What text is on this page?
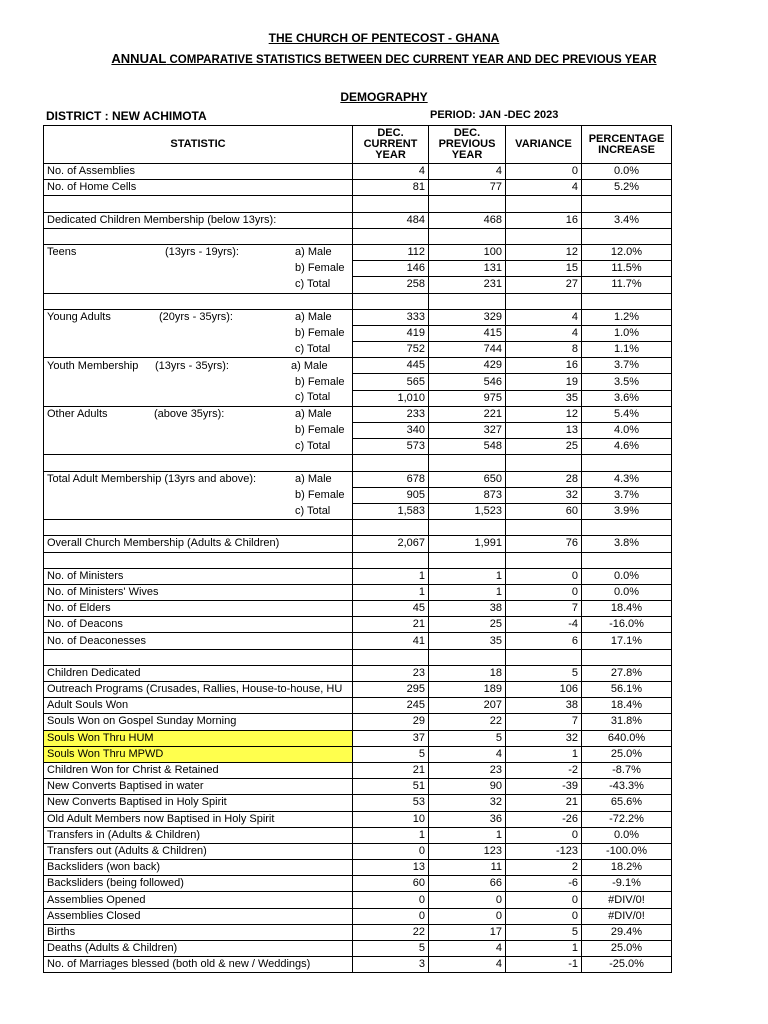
THE CHURCH OF PENTECOST - GHANA
ANNUAL COMPARATIVE STATISTICS BETWEEN DEC CURRENT YEAR AND DEC PREVIOUS YEAR
DEMOGRAPHY
DISTRICT : NEW ACHIMOTA	PERIOD: JAN -DEC 2023
STATISTIC	DEC.
CURRENT
YEAR	DEC.
PREVIOUS
YEAR	VARIANCE	PERCENTAGE
INCREASE

No. of Assemblies	4	4	0	0.0%

No. of Home Cells	81	77	4	5.2%

Dedicated Children Membership (below 13yrs):	484	468	16	3.4%

Teens (13yrs - 19yrs): a) Male	112	100	12	12.0%

b) Female	146	131	15	11.5%

c) Total	258	231	27	11.7%

Young Adults (20yrs - 35yrs): a) Male	333	329	4	1.2%

b) Female	419	415	4	1.0%

c) Total	752	744	8	1.1%

Youth Membership (13yrs - 35yrs): a) Male	445	429	16	3.7%

b) Female	565	546	19	3.5%

c) Total	1,010	975	35	3.6%

Other Adults (above 35yrs): a) Male	233	221	12	5.4%

b) Female	340	327	13	4.0%

c) Total	573	548	25	4.6%

Total Adult Membership (13yrs and above): a) Male	678	650	28	4.3%

b) Female	905	873	32	3.7%

c) Total	1,583	1,523	60	3.9%

Overall Church Membership (Adults & Children)	2,067	1,991	76	3.8%

No. of Ministers	1	1	0	0.0%

No. of Ministers' Wives	1	1	0	0.0%

No. of Elders	45	38	7	18.4%

No. of Deacons	21	25	-4	-16.0%

No. of Deaconesses	41	35	6	17.1%

Children Dedicated	23	18	5	27.8%

Outreach Programs (Crusades, Rallies, House-to-house, HU	295	189	106	56.1%

Adult Souls Won	245	207	38	18.4%

Souls Won on Gospel Sunday Morning	29	22	7	31.8%

Souls Won Thru HUM	37	5	32	640.0%

Souls Won Thru MPWD	5	4	1	25.0%

Children Won for Christ & Retained	21	23	-2	-8.7%

New Converts Baptised in water	51	90	-39	-43.3%

New Converts Baptised in Holy Spirit	53	32	21	65.6%

Old Adult Members now Baptised in Holy Spirit	10	36	-26	-72.2%

Transfers in (Adults & Children)	1	1	0	0.0%

Transfers out (Adults & Children)	0	123	-123	-100.0%

Backsliders (won back)	13	11	2	18.2%

Backsliders (being followed)	60	66	-6	-9.1%

Assemblies Opened	0	0	0	#DIV/0!

Assemblies Closed	0	0	0	#DIV/0!

Births	22	17	5	29.4%

Deaths (Adults & Children)	5	4	1	25.0%

No. of Marriages blessed (both old & new / Weddings)	3	4	-1	-25.0%
